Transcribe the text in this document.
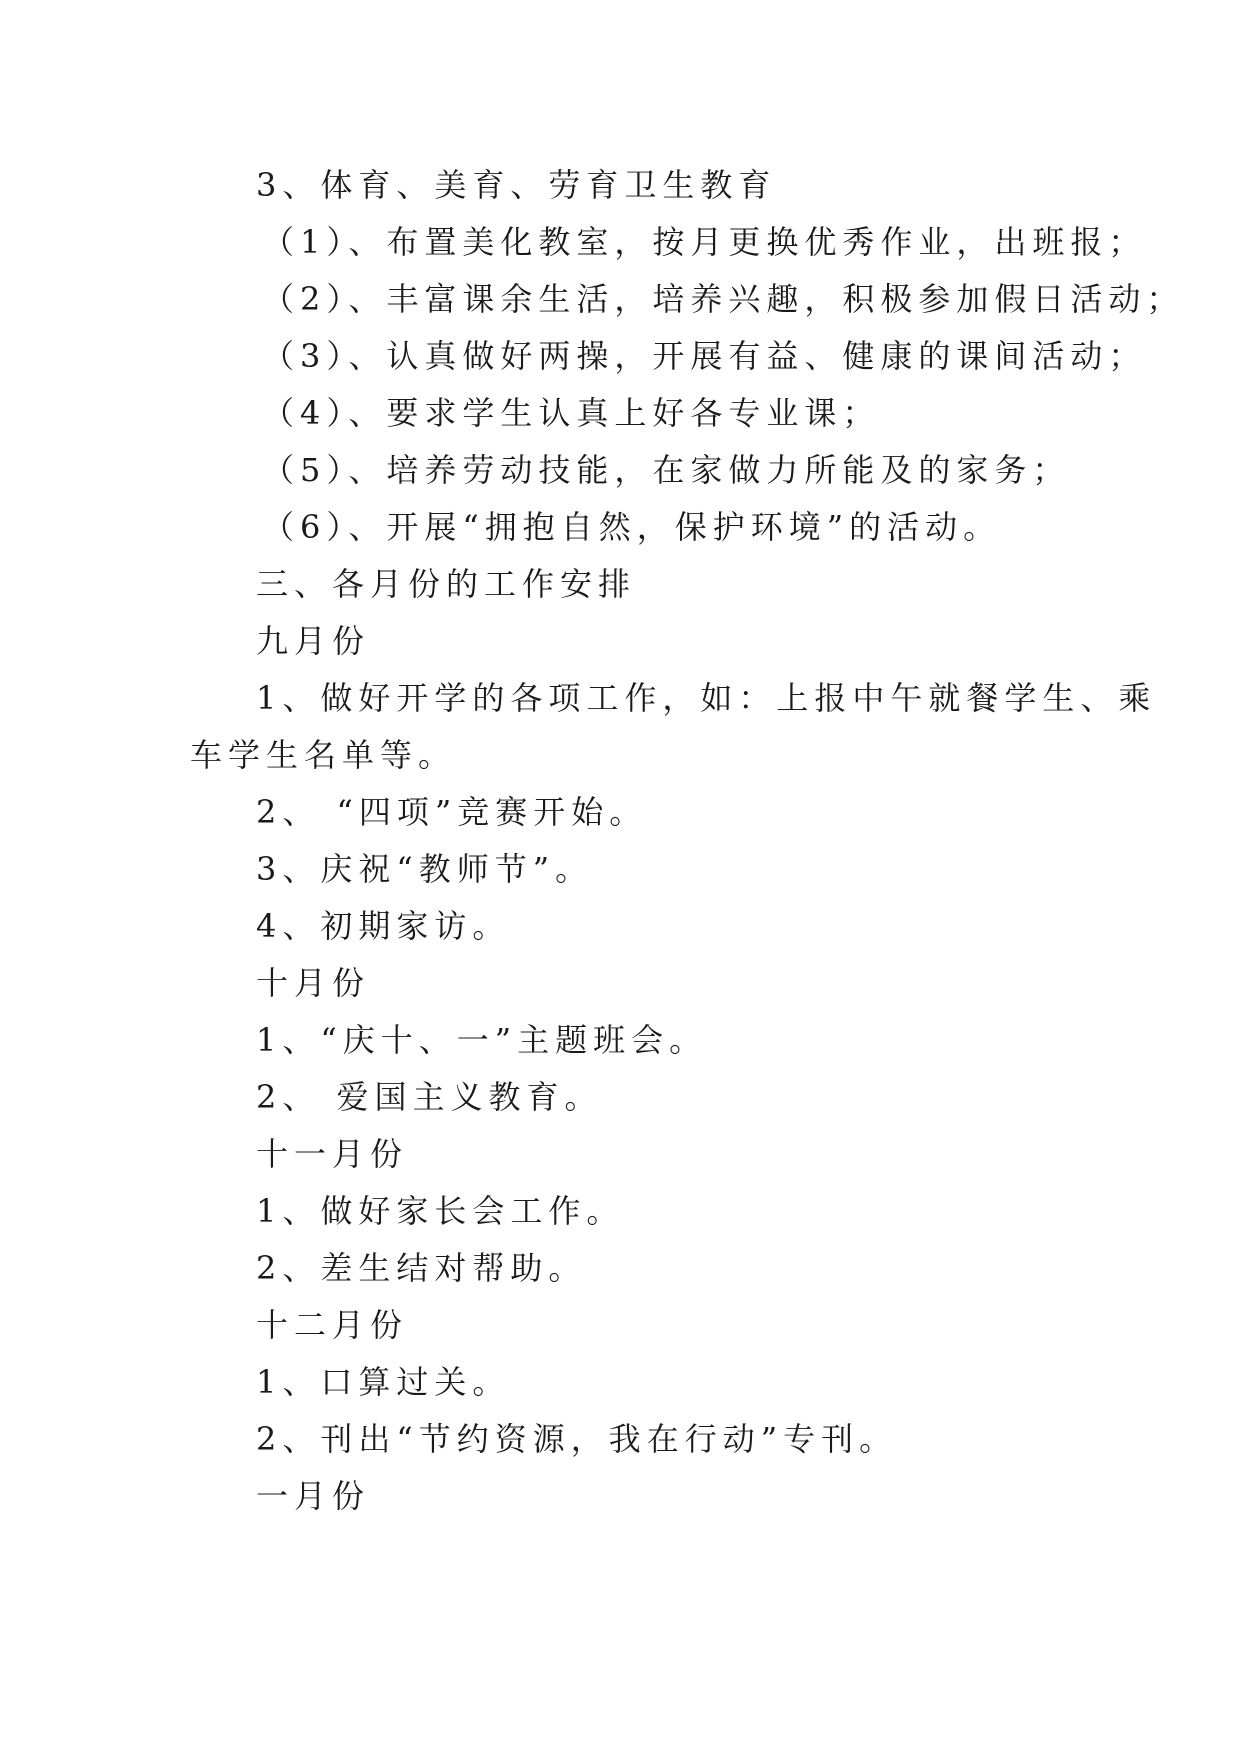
3、体育、美育、劳育卫生教育

（1）、布置美化教室，按月更换优秀作业，出班报；

（2）、丰富课余生活，培养兴趣，积极参加假日活动；

（3）、认真做好两操，开展有益、健康的课间活动；

（4）、要求学生认真上好各专业课；

（5）、培养劳动技能，在家做力所能及的家务；

（6）、开展“拥抱自然，保护环境”的活动。

三、各月份的工作安排

九月份

1、做好开学的各项工作，如：上报中午就餐学生、乘

车学生名单等。

2、 “四项”竞赛开始。

3、庆祝“教师节”。

4、初期家访。

十月份

1、“庆十、一”主题班会。

2、 爱国主义教育。

十一月份

1、做好家长会工作。

2、差生结对帮助。

十二月份

1、口算过关。

2、刊出“节约资源，我在行动”专刊。

一月份
